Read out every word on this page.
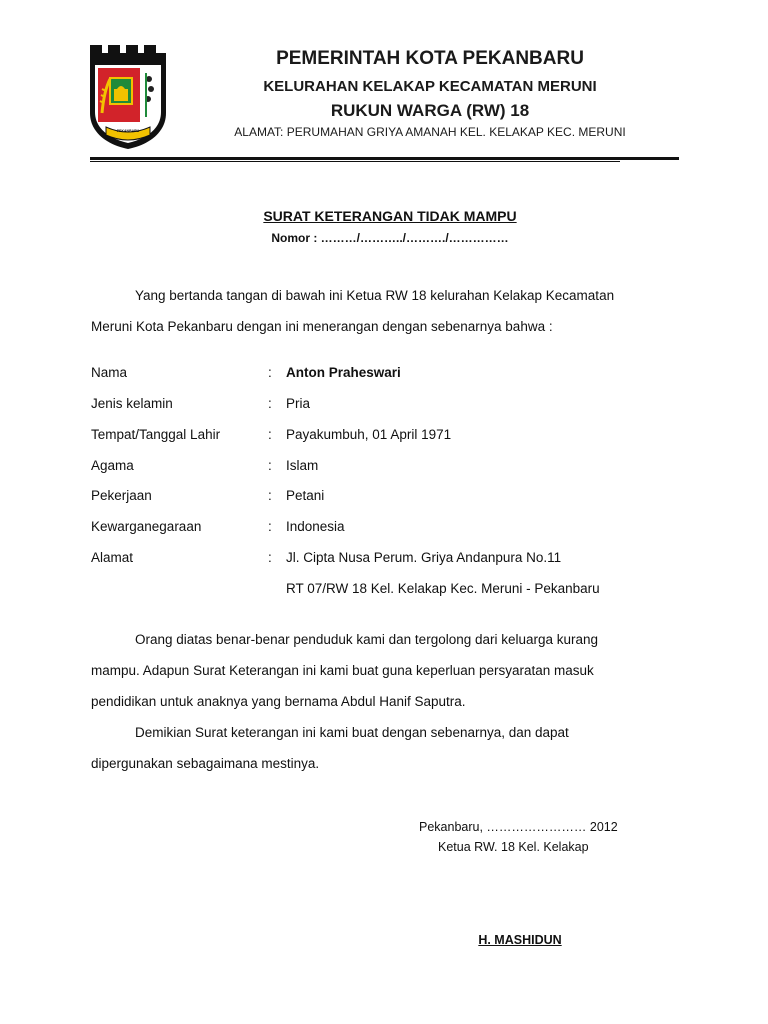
PEKANBARU
PEMERINTAH KOTA PEKANBARU
KELURAHAN KELAKAP KECAMATAN MERUNI
RUKUN WARGA (RW) 18
ALAMAT: PERUMAHAN GRIYA AMANAH KEL. KELAKAP KEC. MERUNI
SURAT KETERANGAN TIDAK MAMPU
Nomor : ………/………../………./……………
Yang bertanda tangan di bawah ini Ketua RW 18 kelurahan Kelakap Kecamatan
Meruni Kota Pekanbaru dengan ini menerangan dengan sebenarnya bahwa :
Nama	: Anton Praheswari
Jenis kelamin	: Pria
Tempat/Tanggal Lahir	: Payakumbuh, 01 April 1971
Agama	: Islam
Pekerjaan	: Petani
Kewarganegaraan	: Indonesia
Alamat	: Jl. Cipta Nusa Perum. Griya Andanpura No.11
RT 07/RW 18 Kel. Kelakap Kec. Meruni - Pekanbaru
Orang diatas benar-benar penduduk kami dan tergolong dari keluarga kurang
mampu. Adapun Surat Keterangan ini kami buat guna keperluan persyaratan masuk
pendidikan untuk anaknya yang bernama Abdul Hanif Saputra.
Demikian Surat keterangan ini kami buat dengan sebenarnya, dan dapat
dipergunakan sebagaimana mestinya.
Pekanbaru, …………………… 2012
Ketua RW. 18 Kel. Kelakap
H. MASHIDUN
